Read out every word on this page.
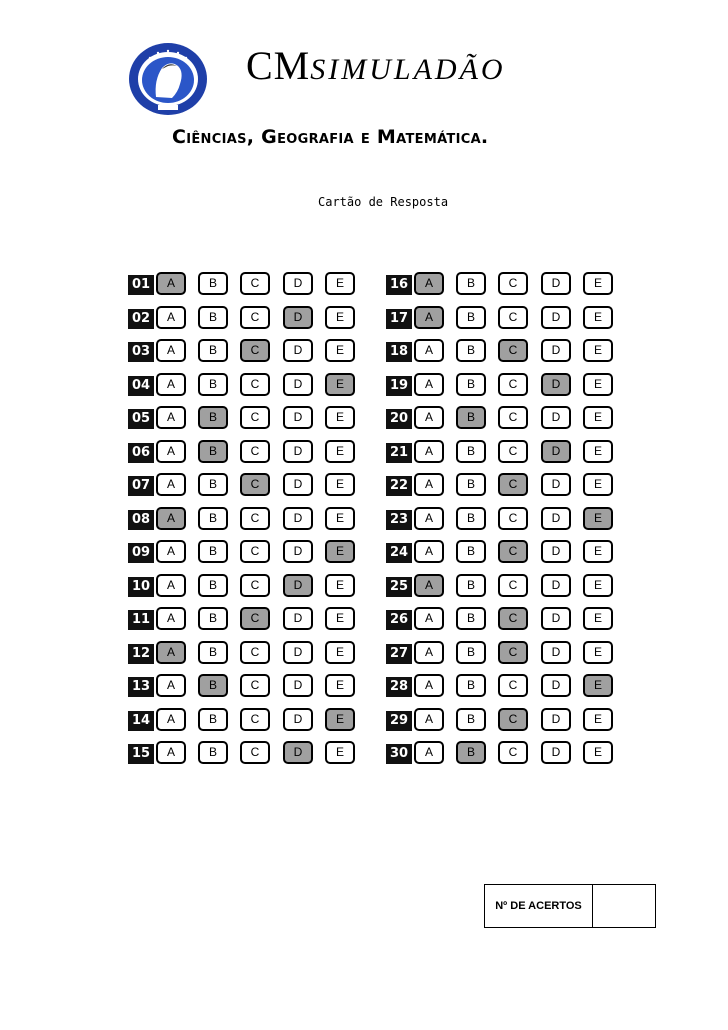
CMSIMULADÃO
Ciências, Geografia e Matemática.
Cartão de Resposta
01	A	B	C	D	E
02	A	B	C	D	E
03	A	B	C	D	E
04	A	B	C	D	E
05	A	B	C	D	E
06	A	B	C	D	E
07	A	B	C	D	E
08	A	B	C	D	E
09	A	B	C	D	E
10	A	B	C	D	E
11	A	B	C	D	E
12	A	B	C	D	E
13	A	B	C	D	E
14	A	B	C	D	E
15	A	B	C	D	E
16	A	B	C	D	E
17	A	B	C	D	E
18	A	B	C	D	E
19	A	B	C	D	E
20	A	B	C	D	E
21	A	B	C	D	E
22	A	B	C	D	E
23	A	B	C	D	E
24	A	B	C	D	E
25	A	B	C	D	E
26	A	B	C	D	E
27	A	B	C	D	E
28	A	B	C	D	E
29	A	B	C	D	E
30	A	B	C	D	E
Nº DE ACERTOS
